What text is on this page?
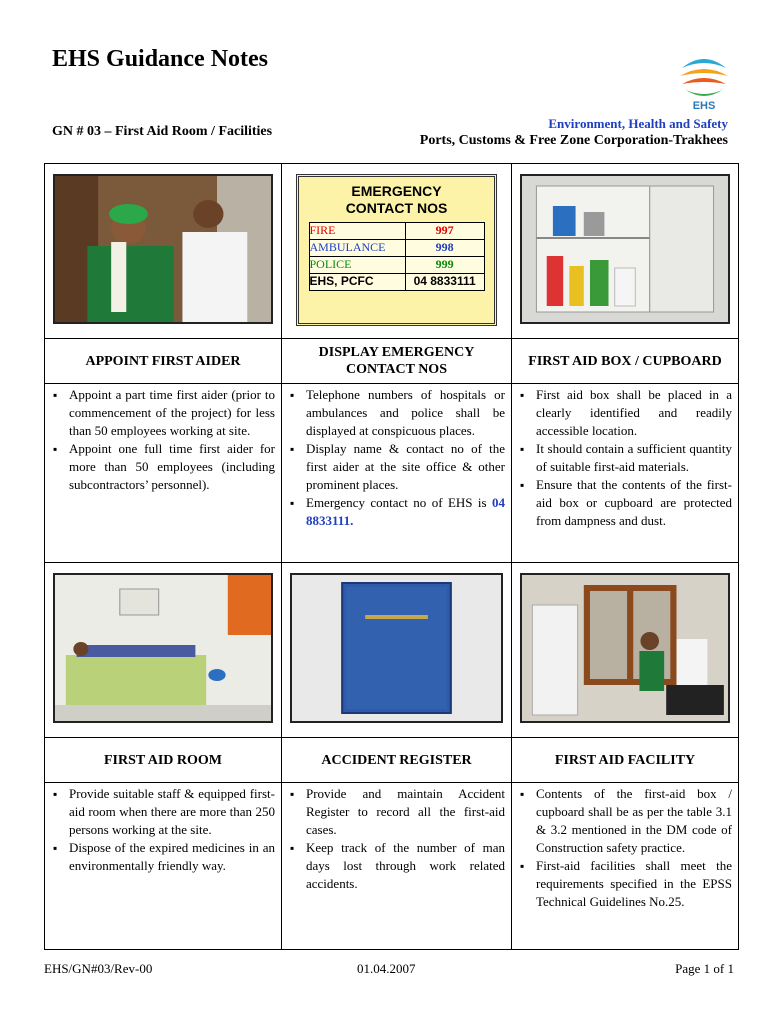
EHS Guidance Notes
GN # 03 – First Aid Room / Facilities
EHS
Environment, Health and Safety
Ports, Customs & Free Zone Corporation-Trakhees

EMERGENCY
CONTACT NOS
FIRE	997
AMBULANCE	998
POLICE	999
EHS, PCFC	04 8833111

APPOINT FIRST AIDER

DISPLAY EMERGENCY CONTACT NOS

FIRST AID BOX / CUPBOARD

▪ Appoint a part time first aider (prior to commencement of the project) for less than 50 employees working at site.
▪ Appoint one full time first aider for more than 50 employees (including subcontractors’ personnel).

▪ Telephone numbers of hospitals or ambulances and police shall be displayed at conspicuous places.
▪ Display name & contact no of the first aider at the site office & other prominent places.
▪ Emergency contact no of EHS is 04 8833111.

▪ First aid box shall be placed in a clearly identified and readily accessible location.
▪ It should contain a sufficient quantity of suitable first-aid materials.
▪ Ensure that the contents of the first-aid box or cupboard are protected from dampness and dust.

FIRST AID ROOM	ACCIDENT REGISTER	FIRST AID FACILITY

▪ Provide suitable staff & equipped first-aid room when there are more than 250 persons working at the site.
▪ Dispose of the expired medicines in an environmentally friendly way.

▪ Provide and maintain Accident Register to record all the first-aid cases.
▪ Keep track of the number of man days lost through work related accidents.

▪ Contents of the first-aid box / cupboard shall be as per the table 3.1 & 3.2 mentioned in the DM code of Construction safety practice.
▪ First-aid facilities shall meet the requirements specified in the EPSS Technical Guidelines No.25.
EHS/GN#03/Rev-00	01.04.2007	Page 1 of 1
